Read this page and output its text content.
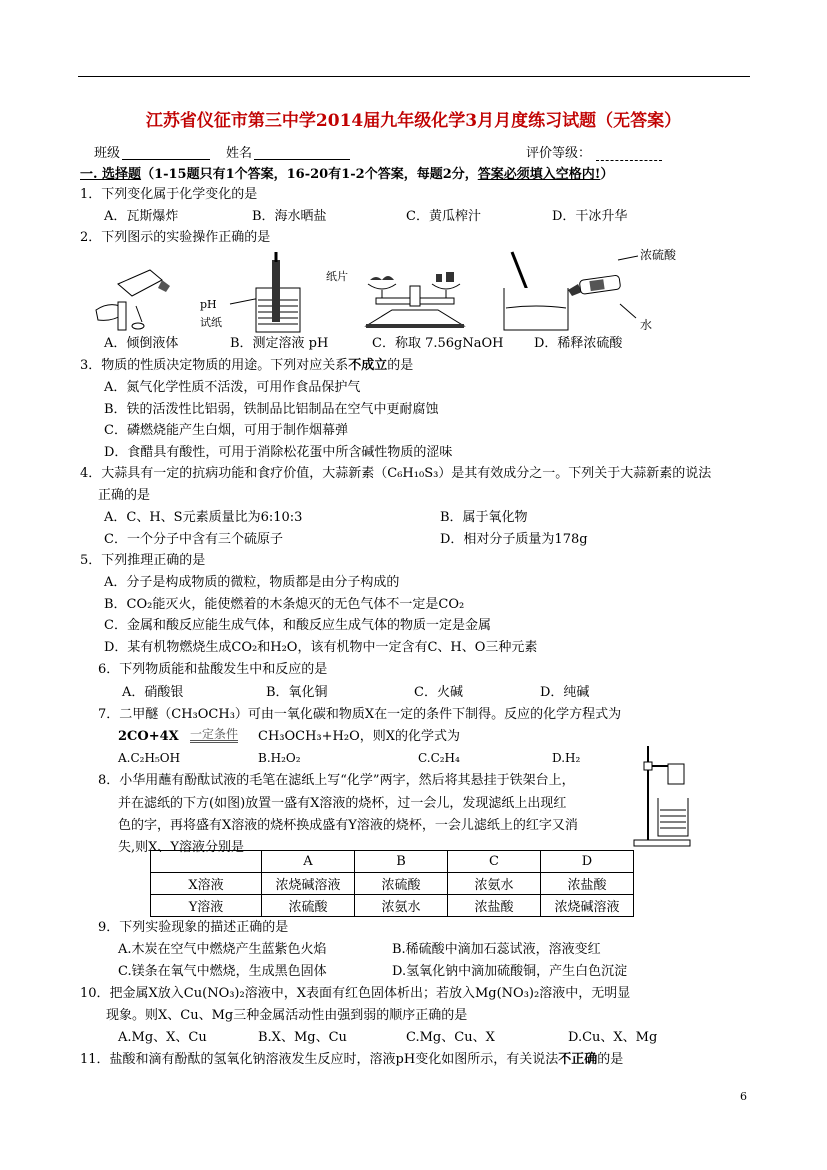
江苏省仪征市第三中学2014届九年级化学3月月度练习试题（无答案）
班级	姓名	评价等级：
一. 选择题（1-15题只有1个答案，16-20有1-2个答案，每题2分，答案必须填入空格内!）
1．下列变化属于化学变化的是
A．瓦斯爆炸	B．海水晒盐	C．黄瓜榨汁	D．干冰升华
2．下列图示的实验操作正确的是
pH
试纸
纸片
浓硫酸
水
A．倾倒液体	B．测定溶液 pH	C．称取 7.56gNaOH D．稀释浓硫酸
3．物质的性质决定物质的用途。下列对应关系不成立的是
A．氮气化学性质不活泼，可用作食品保护气
B．铁的活泼性比铝弱，铁制品比铝制品在空气中更耐腐蚀
C．磷燃烧能产生白烟，可用于制作烟幕弹
D．食醋具有酸性，可用于消除松花蛋中所含碱性物质的涩味
4．大蒜具有一定的抗病功能和食疗价值，大蒜新素（C₆H₁₀S₃）是其有效成分之一。下列关于大蒜新素的说法
正确的是
A．C、H、S元素质量比为6:10:3	B．属于氧化物
C．一个分子中含有三个硫原子	D．相对分子质量为178g
5．下列推理正确的是
A．分子是构成物质的微粒，物质都是由分子构成的
B．CO₂能灭火，能使燃着的木条熄灭的无色气体不一定是CO₂
C．金属和酸反应能生成气体，和酸反应生成气体的物质一定是金属
D．某有机物燃烧生成CO₂和H₂O，该有机物中一定含有C、H、O三种元素
6．下列物质能和盐酸发生中和反应的是
A．硝酸银	B．氧化铜	C．火碱	D．纯碱
7．二甲醚（CH₃OCH₃）可由一氧化碳和物质X在一定的条件下制得。反应的化学方程式为
2CO+4X 一定条件 CH₃OCH₃+H₂O，则X的化学式为
A.C₂H₅OH	B.H₂O₂	C.C₂H₄	D.H₂
8．小华用蘸有酚酞试液的毛笔在滤纸上写“化学”两字，然后将其悬挂于铁架台上，
并在滤纸的下方(如图)放置一盛有X溶液的烧杯，过一会儿，发现滤纸上出现红
色的字，再将盛有X溶液的烧杯换成盛有Y溶液的烧杯，一会儿滤纸上的红字又消
失,则X、Y溶液分别是
	A	B	C	D
X溶液	浓烧碱溶液	浓硫酸	浓氨水	浓盐酸
Y溶液	浓硫酸	浓氨水	浓盐酸	浓烧碱溶液
9．下列实验现象的描述正确的是
A.木炭在空气中燃烧产生蓝紫色火焰	B.稀硫酸中滴加石蕊试液，溶液变红
C.镁条在氧气中燃烧，生成黑色固体	D.氢氧化钠中滴加硫酸铜，产生白色沉淀
10．把金属X放入Cu(NO₃)₂溶液中，X表面有红色固体析出；若放入Mg(NO₃)₂溶液中，无明显
现象。则X、Cu、Mg三种金属活动性由强到弱的顺序正确的是
A.Mg、X、Cu	B.X、Mg、Cu	C.Mg、Cu、X	D.Cu、X、Mg
11．盐酸和滴有酚酞的氢氧化钠溶液发生反应时，溶液pH变化如图所示，有关说法不正确的是
6
